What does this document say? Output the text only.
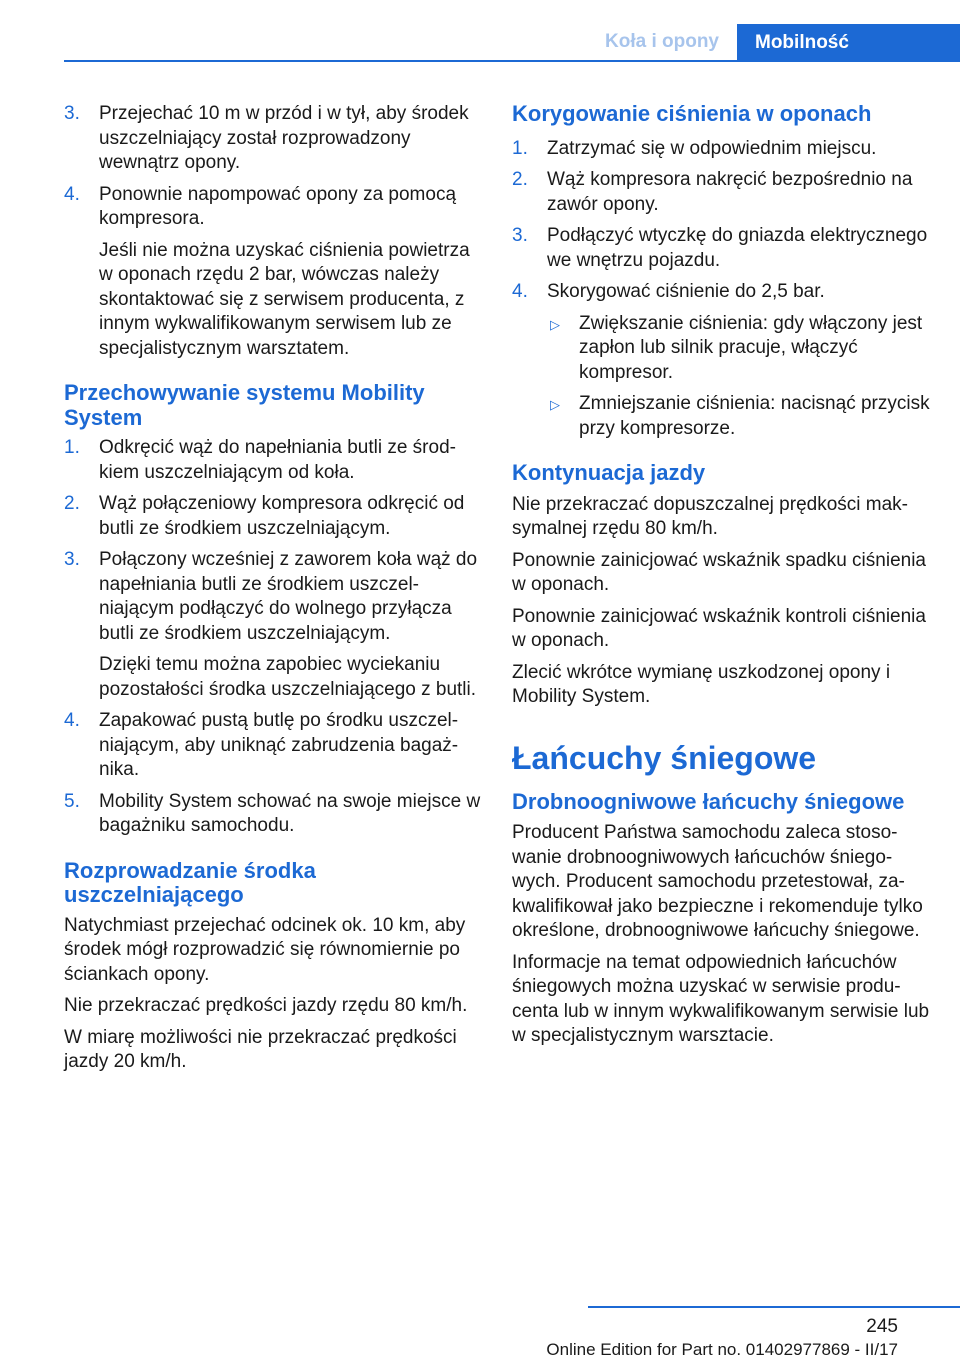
Koła i opony	Mobilność
3.	Przejechać 10 m w przód i w tył, aby środek uszczelniający został rozprowadzony wewnątrz opony.

4.	Ponownie napompować opony za pomocą kompresora.

Jeśli nie można uzyskać ciśnienia powietrza w oponach rzędu 2 bar, wówczas należy skontaktować się z serwisem producenta, z innym wykwalifikowanym serwisem lub ze specjalistycznym warsztatem.

Przechowywanie systemu Mobility System
1.	Odkręcić wąż do napełniania butli ze środkiem uszczelniającym od koła.

2.	Wąż połączeniowy kompresora odkręcić od butli ze środkiem uszczelniającym.

3.	Połączony wcześniej z zaworem koła wąż do napełniania butli ze środkiem uszczelniającym podłączyć do wolnego przyłącza butli ze środkiem uszczelniającym.

Dzięki temu można zapobiec wyciekaniu pozostałości środka uszczelniającego z butli.

4.	Zapakować pustą butlę po środku uszczelniającym, aby uniknąć zabrudzenia bagażnika.

5.	Mobility System schować na swoje miejsce w bagażniku samochodu.

Rozprowadzanie środka uszczelniającego

Natychmiast przejechać odcinek ok. 10 km, aby środek mógł rozprowadzić się równomiernie po ściankach opony.

Nie przekraczać prędkości jazdy rzędu 80 km/h.

W miarę możliwości nie przekraczać prędkości jazdy 20 km/h.

Korygowanie ciśnienia w oponach
1.	Zatrzymać się w odpowiednim miejscu.

2.	Wąż kompresora nakręcić bezpośrednio na zawór opony.

3.	Podłączyć wtyczkę do gniazda elektrycznego we wnętrzu pojazdu.

4.	Skorygować ciśnienie do 2,5 bar.

▷	Zwiększanie ciśnienia: gdy włączony jest zapłon lub silnik pracuje, włączyć kompresor.
▷	Zmniejszanie ciśnienia: nacisnąć przycisk przy kompresorze.
Kontynuacja jazdy

Nie przekraczać dopuszczalnej prędkości maksymalnej rzędu 80 km/h.

Ponownie zainicjować wskaźnik spadku ciśnienia w oponach.

Ponownie zainicjować wskaźnik kontroli ciśnienia w oponach.

Zlecić wkrótce wymianę uszkodzonej opony i Mobility System.

Łańcuchy śniegowe
Drobnoogniwowe łańcuchy śniegowe

Producent Państwa samochodu zaleca stosowanie drobnoogniwowych łańcuchów śniegowych. Producent samochodu przetestował, zakwalifikował jako bezpieczne i rekomenduje tylko określone, drobnoogniwowe łańcuchy śniegowe.

Informacje na temat odpowiednich łańcuchów śniegowych można uzyskać w serwisie producenta lub w innym wykwalifikowanym serwisie lub w specjalistycznym warsztacie.

245
Online Edition for Part no. 01402977869 - II/17
